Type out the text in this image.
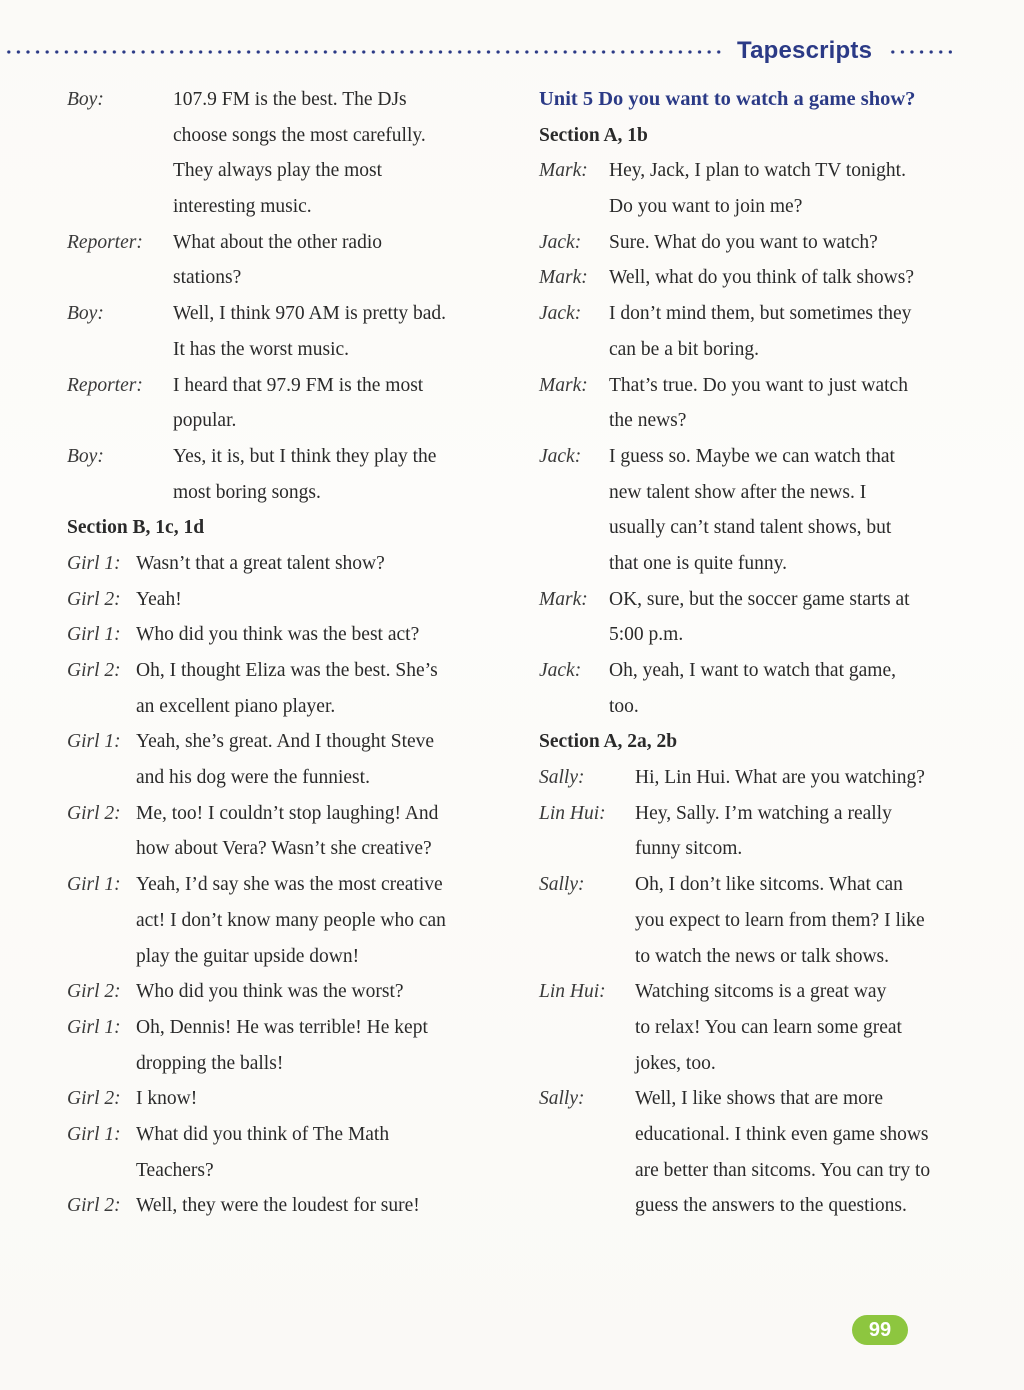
Tapescripts
Boy:	107.9 FM is the best. The DJs
choose songs the most carefully.
They always play the most
interesting music.
Reporter: What about the other radio
stations?
Boy:	Well, I think 970 AM is pretty bad.
It has the worst music.
Reporter: I heard that 97.9 FM is the most
popular.
Boy:	Yes, it is, but I think they play the
most boring songs.
Section B, 1c, 1d
Girl 1: Wasn’t that a great talent show?
Girl 2: Yeah!
Girl 1: Who did you think was the best act?
Girl 2: Oh, I thought Eliza was the best. She’s
an excellent piano player.
Girl 1: Yeah, she’s great. And I thought Steve
and his dog were the funniest.
Girl 2: Me, too! I couldn’t stop laughing! And
how about Vera? Wasn’t she creative?
Girl 1: Yeah, I’d say she was the most creative
act! I don’t know many people who can
play the guitar upside down!
Girl 2: Who did you think was the worst?
Girl 1: Oh, Dennis! He was terrible! He kept
dropping the balls!
Girl 2: I know!
Girl 1: What did you think of The Math
Teachers?
Girl 2: Well, they were the loudest for sure!
Unit 5 Do you want to watch a game show?
Section A, 1b
Mark: Hey, Jack, I plan to watch TV tonight.
Do you want to join me?
Jack: Sure. What do you want to watch?
Mark: Well, what do you think of talk shows?
Jack: I don’t mind them, but sometimes they
can be a bit boring.
Mark: That’s true. Do you want to just watch
the news?
Jack: I guess so. Maybe we can watch that
new talent show after the news. I
usually can’t stand talent shows, but
that one is quite funny.
Mark: OK, sure, but the soccer game starts at
5:00 p.m.
Jack: Oh, yeah, I want to watch that game,
too.
Section A, 2a, 2b
Sally:	Hi, Lin Hui. What are you watching?
Lin Hui: Hey, Sally. I’m watching a really
funny sitcom.
Sally:	Oh, I don’t like sitcoms. What can
you expect to learn from them? I like
to watch the news or talk shows.
Lin Hui: Watching sitcoms is a great way
to relax! You can learn some great
jokes, too.
Sally:	Well, I like shows that are more
educational. I think even game shows
are better than sitcoms. You can try to
guess the answers to the questions.
99
